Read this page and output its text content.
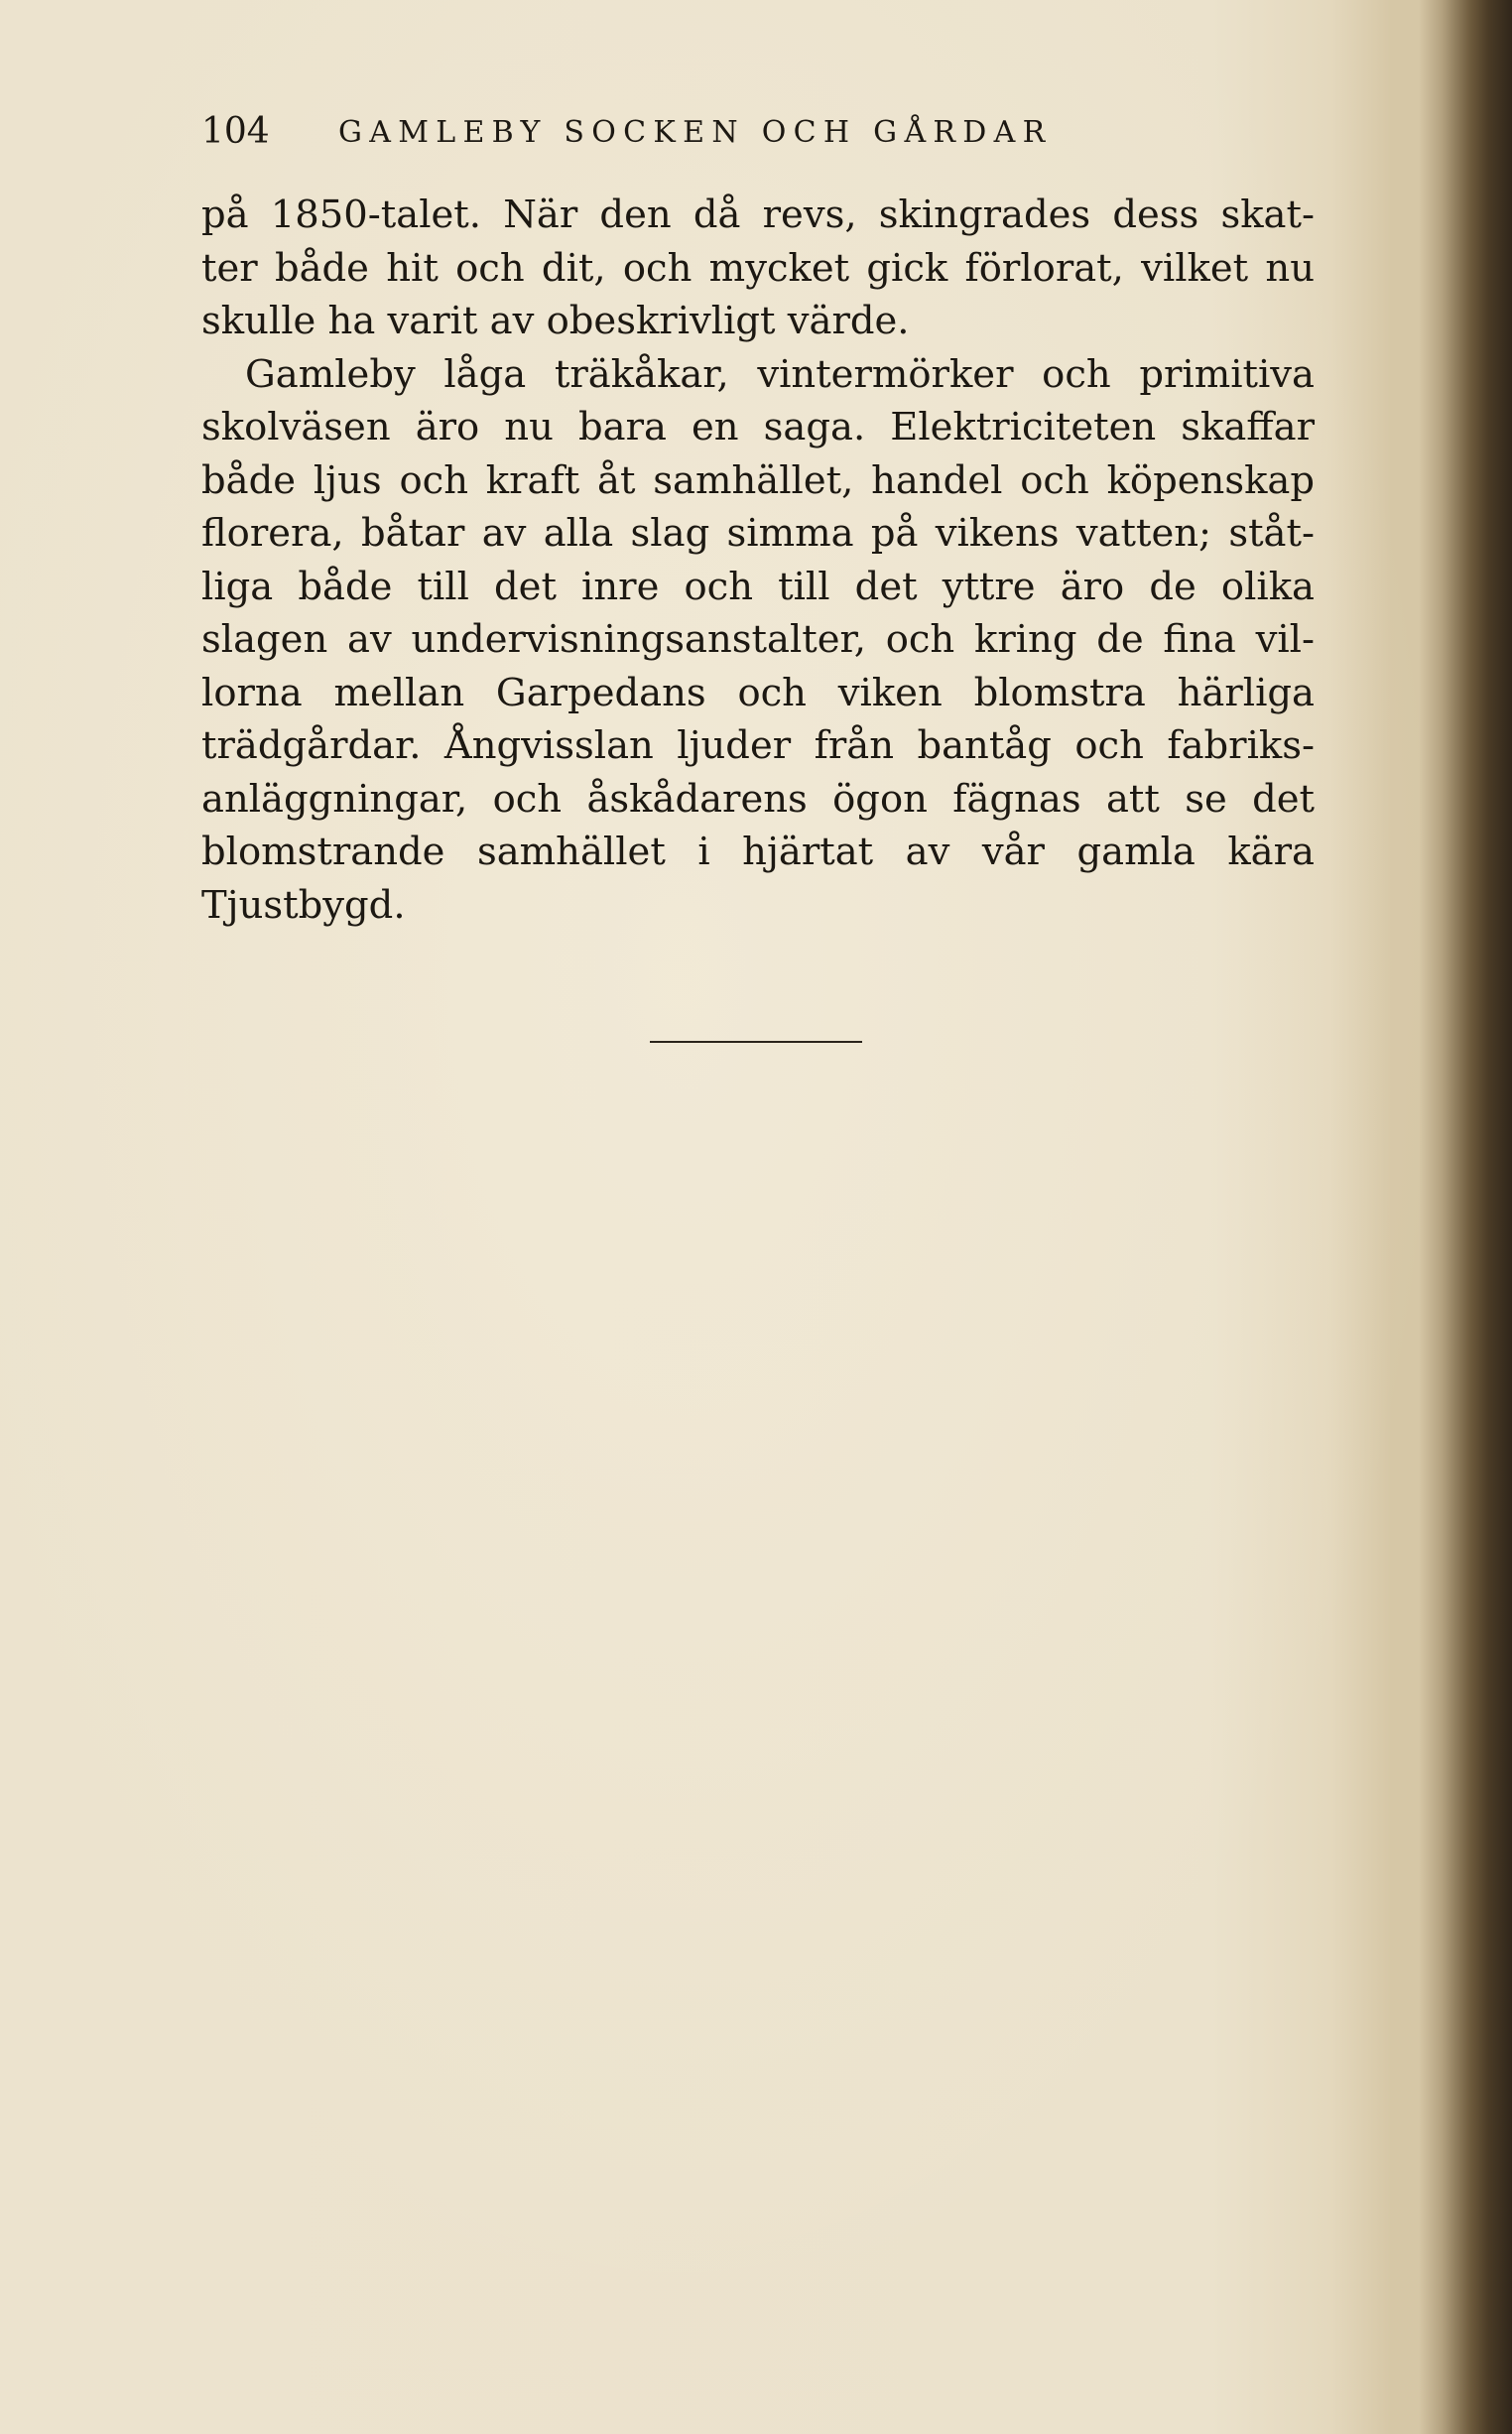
104 GAMLEBY SOCKEN OCH GÅRDAR
på 1850-talet. När den då revs, skingrades dess skat-
ter både hit och dit, och mycket gick förlorat, vilket nu
skulle ha varit av obeskrivligt värde.
Gamleby låga träkåkar, vintermörker och primitiva
skolväsen äro nu bara en saga. Elektriciteten skaffar
både ljus och kraft åt samhället, handel och köpenskap
florera, båtar av alla slag simma på vikens vatten; ståt-
liga både till det inre och till det yttre äro de olika
slagen av undervisningsanstalter, och kring de fina vil-
lorna mellan Garpedans och viken blomstra härliga
trädgårdar. Ångvisslan ljuder från bantåg och fabriks-
anläggningar, och åskådarens ögon fägnas att se det
blomstrande samhället i hjärtat av vår gamla kära
Tjustbygd.
